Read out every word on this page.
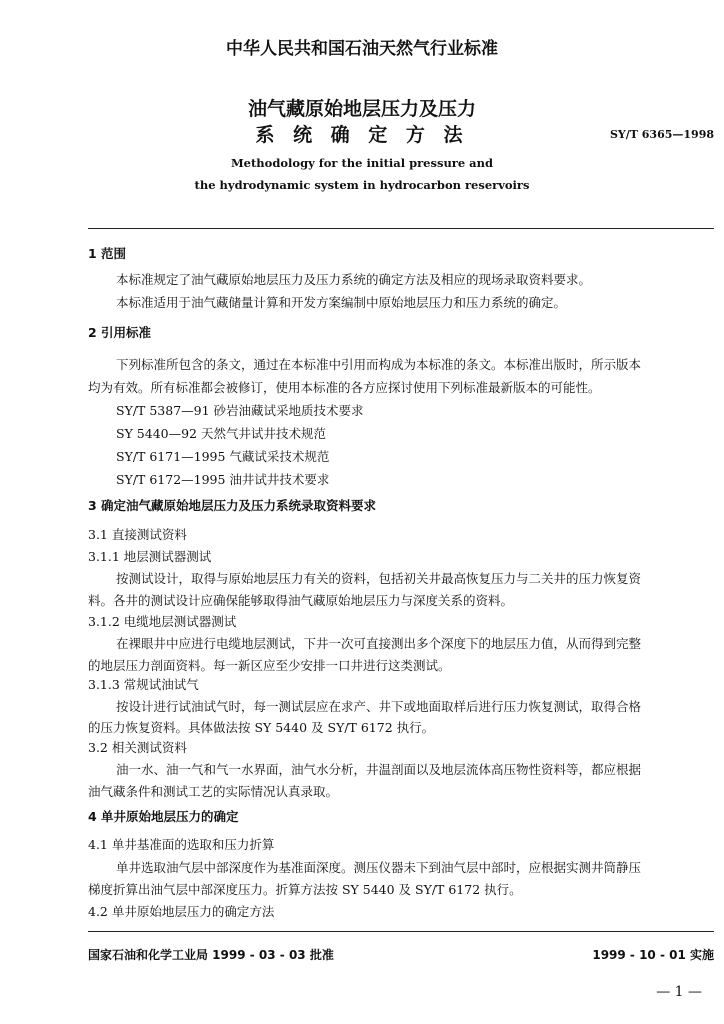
中华人民共和国石油天然气行业标准
油气藏原始地层压力及压力
系 统 确 定 方 法	SY/T 6365—1998
Methodology for the initial pressure and
the hydrodynamic system in hydrocarbon reservoirs
1 范围
本标准规定了油气藏原始地层压力及压力系统的确定方法及相应的现场录取资料要求。
本标准适用于油气藏储量计算和开发方案编制中原始地层压力和压力系统的确定。
2 引用标准
下列标准所包含的条文，通过在本标准中引用而构成为本标准的条文。本标准出版时，所示版本
均为有效。所有标准都会被修订，使用本标准的各方应探讨使用下列标准最新版本的可能性。
SY/T 5387—91 砂岩油藏试采地质技术要求
SY 5440—92 天然气井试井技术规范
SY/T 6171—1995 气藏试采技术规范
SY/T 6172—1995 油井试井技术要求
3 确定油气藏原始地层压力及压力系统录取资料要求
3.1 直接测试资料
3.1.1 地层测试器测试
按测试设计，取得与原始地层压力有关的资料，包括初关井最高恢复压力与二关井的压力恢复资
料。各井的测试设计应确保能够取得油气藏原始地层压力与深度关系的资料。
3.1.2 电缆地层测试器测试
在裸眼井中应进行电缆地层测试，下井一次可直接测出多个深度下的地层压力值，从而得到完整
的地层压力剖面资料。每一新区应至少安排一口井进行这类测试。
3.1.3 常规试油试气
按设计进行试油试气时，每一测试层应在求产、井下或地面取样后进行压力恢复测试，取得合格
的压力恢复资料。具体做法按 SY 5440 及 SY/T 6172 执行。
3.2 相关测试资料
油一水、油一气和气一水界面，油气水分析，井温剖面以及地层流体高压物性资料等，都应根据
油气藏条件和测试工艺的实际情况认真录取。
4 单井原始地层压力的确定
4.1 单井基准面的选取和压力折算
单井选取油气层中部深度作为基准面深度。测压仪器未下到油气层中部时，应根据实测井筒静压
梯度折算出油气层中部深度压力。折算方法按 SY 5440 及 SY/T 6172 执行。
4.2 单井原始地层压力的确定方法
国家石油和化学工业局 1999 - 03 - 03 批准	1999 - 10 - 01 实施
— 1 —
